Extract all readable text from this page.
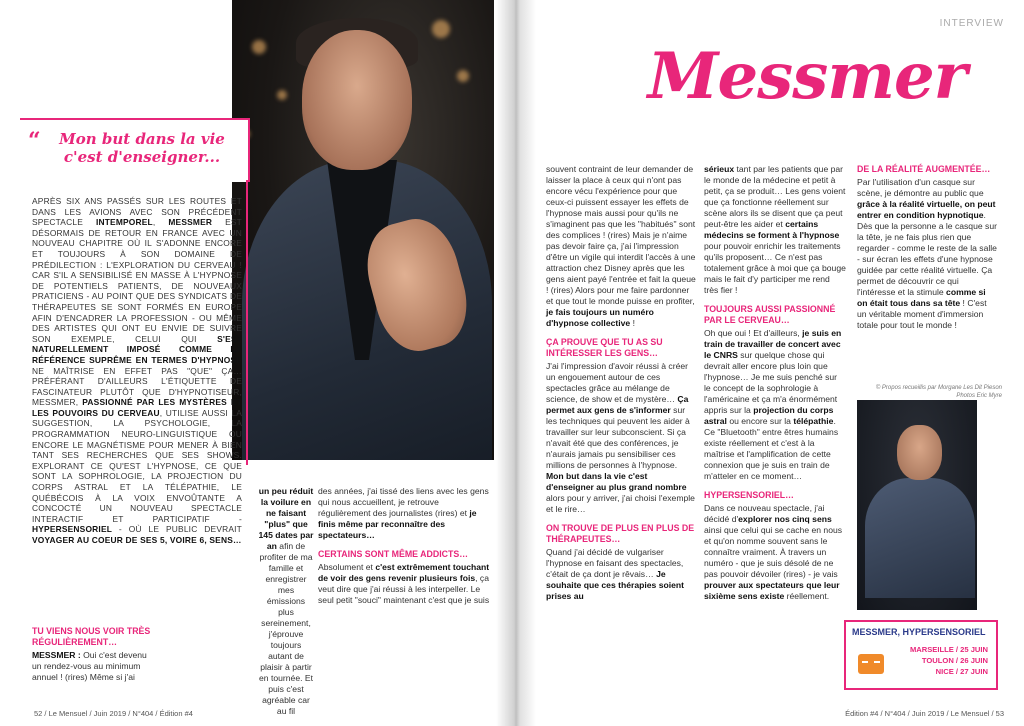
“	Mon but dans la vie c'est d'enseigner...
APRÈS SIX ANS PASSÉS SUR LES ROUTES ET DANS LES AVIONS AVEC SON PRÉCÉDENT SPECTACLE INTEMPOREL, MESSMER EST DÉSORMAIS DE RETOUR EN FRANCE AVEC UN NOUVEAU CHAPITRE OÙ IL S'ADONNE ENCORE ET TOUJOURS À SON DOMAINE DE PRÉDILECTION : L'EXPLORATION DU CERVEAU ! CAR S'IL A SENSIBILISÉ EN MASSE À L'HYPNOSE DE POTENTIELS PATIENTS, DE NOUVEAUX PRATICIENS - AU POINT QUE DES SYNDICATS DE THÉRAPEUTES SE SONT FORMÉS EN EUROPE AFIN D'ENCADRER LA PROFESSION - OU MÊME DES ARTISTES QUI ONT EU ENVIE DE SUIVRE SON EXEMPLE, CELUI QUI S'EST NATURELLEMENT IMPOSÉ COMME LA RÉFÉRENCE SUPRÊME EN TERMES D'HYPNOSE NE MAÎTRISE EN EFFET PAS "QUE" ÇA… PRÉFÉRANT D'AILLEURS L'ÉTIQUETTE DE FASCINATEUR PLUTÔT QUE D'HYPNOTISEUR, MESSMER, PASSIONNÉ PAR LES MYSTÈRES ET LES POUVOIRS DU CERVEAU, UTILISE AUSSI LA SUGGESTION, LA PSYCHOLOGIE, LA PROGRAMMATION NEURO-LINGUISTIQUE OU ENCORE LE MAGNÉTISME POUR MENER À BIEN TANT SES RECHERCHES QUE SES SHOWS. EXPLORANT CE QU'EST L'HYPNOSE, CE QUE SONT LA SOPHROLOGIE, LA PROJECTION DU CORPS ASTRAL ET LA TÉLÉPATHIE, LE QUÉBÉCOIS À LA VOIX ENVOÛTANTE A CONCOCTÉ UN NOUVEAU SPECTACLE INTERACTIF ET PARTICIPATIF - HYPERSENSORIEL - OÙ LE PUBLIC DEVRAIT VOYAGER AU COEUR DE SES 5, VOIRE 6, SENS…
TU VIENS NOUS VOIR TRÈS RÉGULIÈREMENT…
MESSMER : Oui c'est devenu un rendez-vous au minimum annuel ! (rires) Même si j'ai
un peu réduit la voilure en ne faisant "plus" que 145 dates par an afin de profiter de ma famille et enregistrer mes émissions plus sereinement, j'éprouve toujours autant de plaisir à partir en tournée. Et puis c'est agréable car au fil
des années, j'ai tissé des liens avec les gens qui nous accueillent, je retrouve régulièrement des journalistes (rires) et je finis même par reconnaître des spectateurs…
CERTAINS SONT MÊME ADDICTS…
Absolument et c'est extrêmement touchant de voir des gens revenir plusieurs fois, ça veut dire que j'ai réussi à les interpeller. Le seul petit "souci" maintenant c'est que je suis
52 / Le Mensuel / Juin 2019 / N°404 / Édition #4
INTERVIEW
Messmer
souvent contraint de leur demander de laisser la place à ceux qui n'ont pas encore vécu l'expérience pour que ceux-ci puissent essayer les effets de l'hypnose mais aussi pour qu'ils ne s'imaginent pas que les "habitués" sont des complices ! (rires) Mais je n'aime pas devoir faire ça, j'ai l'impression d'être un vigile qui interdit l'accès à une attraction chez Disney après que les gens aient payé l'entrée et fait la queue ! (rires) Alors pour me faire pardonner et que tout le monde puisse en profiter, je fais toujours un numéro d'hypnose collective !
ÇA PROUVE QUE TU AS SU INTÉRESSER LES GENS…
J'ai l'impression d'avoir réussi à créer un engouement autour de ces spectacles grâce au mélange de science, de show et de mystère… Ça permet aux gens de s'informer sur les techniques qui peuvent les aider à travailler sur leur subconscient. Si ça n'avait été que des conférences, je n'aurais jamais pu sensibiliser ces millions de personnes à l'hypnose. Mon but dans la vie c'est d'enseigner au plus grand nombre alors pour y arriver, j'ai choisi l'exemple et le rire…
ON TROUVE DE PLUS EN PLUS DE THÉRAPEUTES…
Quand j'ai décidé de vulgariser l'hypnose en faisant des spectacles, c'était de ça dont je rêvais… Je souhaite que ces thérapies soient prises au
sérieux tant par les patients que par le monde de la médecine et petit à petit, ça se produit… Les gens voient que ça fonctionne réellement sur scène alors ils se disent que ça peut peut-être les aider et certains médecins se forment à l'hypnose pour pouvoir enrichir les traitements qu'ils proposent… Ce n'est pas totalement grâce à moi que ça bouge mais le fait d'y participer me rend très fier !
TOUJOURS AUSSI PASSIONNÉ PAR LE CERVEAU…
Oh que oui ! Et d'ailleurs, je suis en train de travailler de concert avec le CNRS sur quelque chose qui devrait aller encore plus loin que l'hypnose… Je me suis penché sur le concept de la sophrologie à l'américaine et ça m'a énormément appris sur la projection du corps astral ou encore sur la télépathie. Ce "Bluetooth" entre êtres humains existe réellement et c'est à la maîtrise et l'amplification de cette connexion que je suis en train de m'atteler en ce moment…
HYPERSENSORIEL…
Dans ce nouveau spectacle, j'ai décidé d'explorer nos cinq sens ainsi que celui qui se cache en nous et qu'on nomme souvent sans le connaître vraiment. À travers un numéro - que je suis désolé de ne pas pouvoir dévoiler (rires) - je vais prouver aux spectateurs que leur sixième sens existe réellement.
DE LA RÉALITÉ AUGMENTÉE…
Par l'utilisation d'un casque sur scène, je démontre au public que grâce à la réalité virtuelle, on peut entrer en condition hypnotique. Dès que la personne a le casque sur la tête, je ne fais plus rien que regarder - comme le reste de la salle - sur écran les effets d'une hypnose guidée par cette réalité virtuelle. Ça permet de découvrir ce qui l'intéresse et la stimule comme si on était tous dans sa tête ! C'est un véritable moment d'immersion totale pour tout le monde !
© Propos recueillis par Morgane Les Dit Pieson
Photos Eric Myre
MESSMER, HYPERSENSORIEL
MARSEILLE / 25 JUIN
TOULON / 26 JUIN
NICE / 27 JUIN
Édition #4 / N°404 / Juin 2019 / Le Mensuel / 53
